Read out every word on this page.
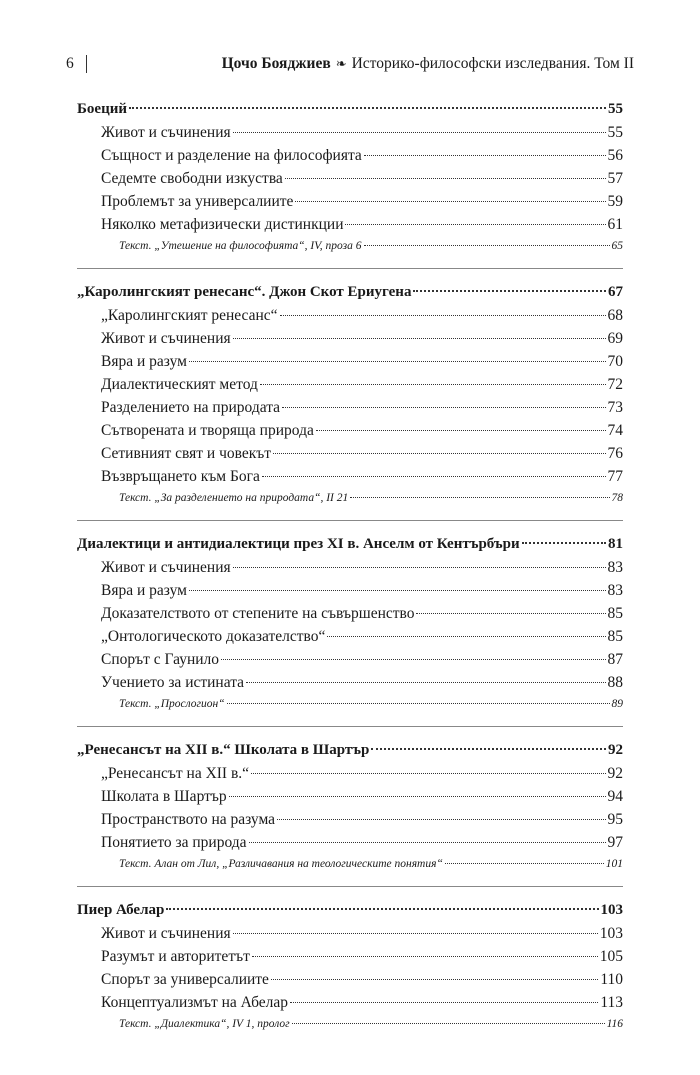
6	Цочо Бояджиев ❧ Историко-философски изследвания. Том II
Боеций	55
Живот и съчинения	55
Същност и разделение на философията	56
Седемте свободни изкуства	57
Проблемът за универсалиите	59
Няколко метафизически дистинкции	61
Текст. „Утешение на философията“, IV, проза 6	65
„Каролингският ренесанс“. Джон Скот Ериугена	67
„Каролингският ренесанс“	68
Живот и съчинения	69
Вяра и разум	70
Диалектическият метод	72
Разделението на природата	73
Сътворената и творяща природа	74
Сетивният свят и човекът	76
Възвръщането към Бога	77
Текст. „За разделението на природата“, II 21	78
Диалектици и антидиалектици през XI в. Анселм от Кентърбъри	81
Живот и съчинения	83
Вяра и разум	83
Доказателството от степените на съвършенство	85
„Онтологическото доказателство“	85
Спорът с Гаунило	87
Учението за истината	88
Текст. „Прослогион“	89
„Ренесансът на XII в.“ Школата в Шартър	92
„Ренесансът на XII в.“	92
Школата в Шартър	94
Пространството на разума	95
Понятието за природа	97
Текст. Алан от Лил, „Различавания на теологическите понятия“	101
Пиер Абелар	103
Живот и съчинения	103
Разумът и авторитетът	105
Спорът за универсалиите	110
Концептуализмът на Абелар	113
Текст. „Диалектика“, IV 1, пролог	116
